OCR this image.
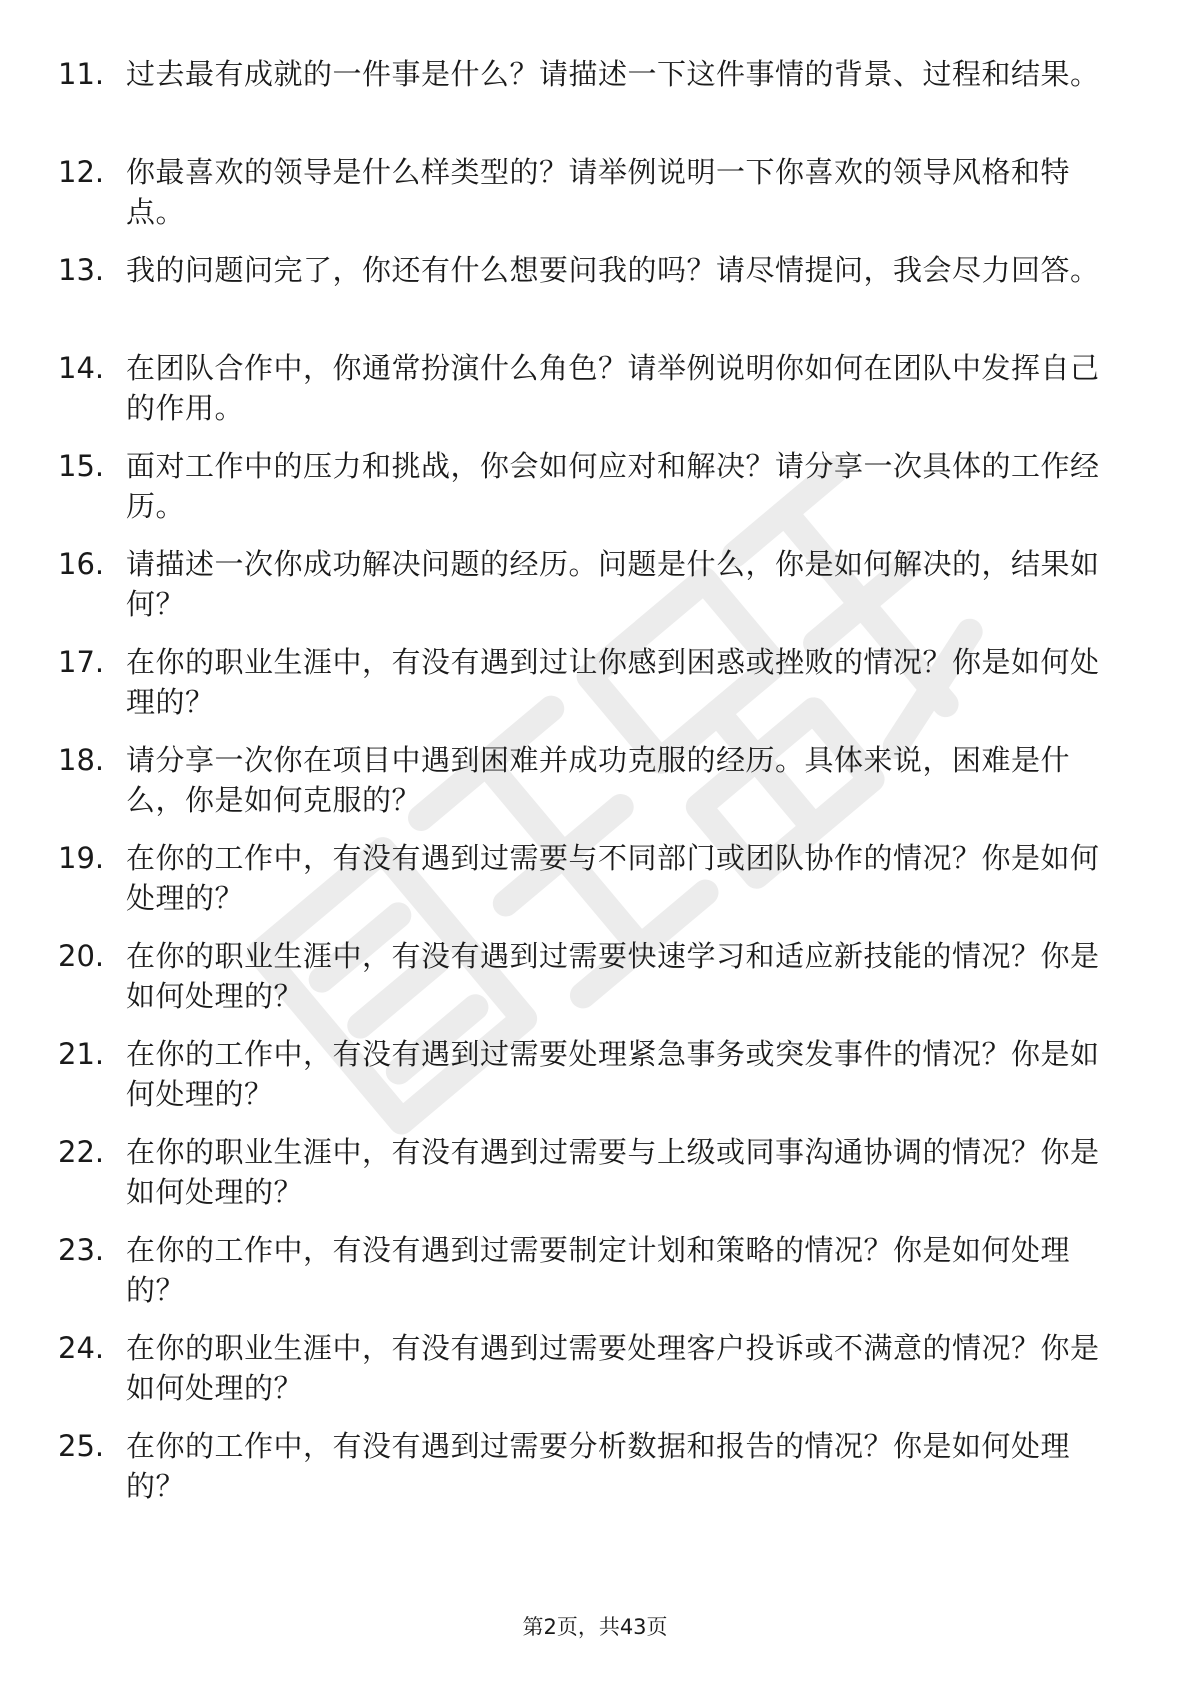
11. 过去最有成就的一件事是什么？请描述一下这件事情的背景、过程和结果。
12. 你最喜欢的领导是什么样类型的？请举例说明一下你喜欢的领导风格和特点。
13. 我的问题问完了，你还有什么想要问我的吗？请尽情提问，我会尽力回答。
14. 在团队合作中，你通常扮演什么角色？请举例说明你如何在团队中发挥自己的作用。
15. 面对工作中的压力和挑战，你会如何应对和解决？请分享一次具体的工作经历。
16. 请描述一次你成功解决问题的经历。问题是什么，你是如何解决的，结果如何？
17. 在你的职业生涯中，有没有遇到过让你感到困惑或挫败的情况？你是如何处理的？
18. 请分享一次你在项目中遇到困难并成功克服的经历。具体来说，困难是什么，你是如何克服的？
19. 在你的工作中，有没有遇到过需要与不同部门或团队协作的情况？你是如何处理的？
20. 在你的职业生涯中，有没有遇到过需要快速学习和适应新技能的情况？你是如何处理的？
21. 在你的工作中，有没有遇到过需要处理紧急事务或突发事件的情况？你是如何处理的？
22. 在你的职业生涯中，有没有遇到过需要与上级或同事沟通协调的情况？你是如何处理的？
23. 在你的工作中，有没有遇到过需要制定计划和策略的情况？你是如何处理的？
24. 在你的职业生涯中，有没有遇到过需要处理客户投诉或不满意的情况？你是如何处理的？
25. 在你的工作中，有没有遇到过需要分析数据和报告的情况？你是如何处理的？
第2页，共43页
